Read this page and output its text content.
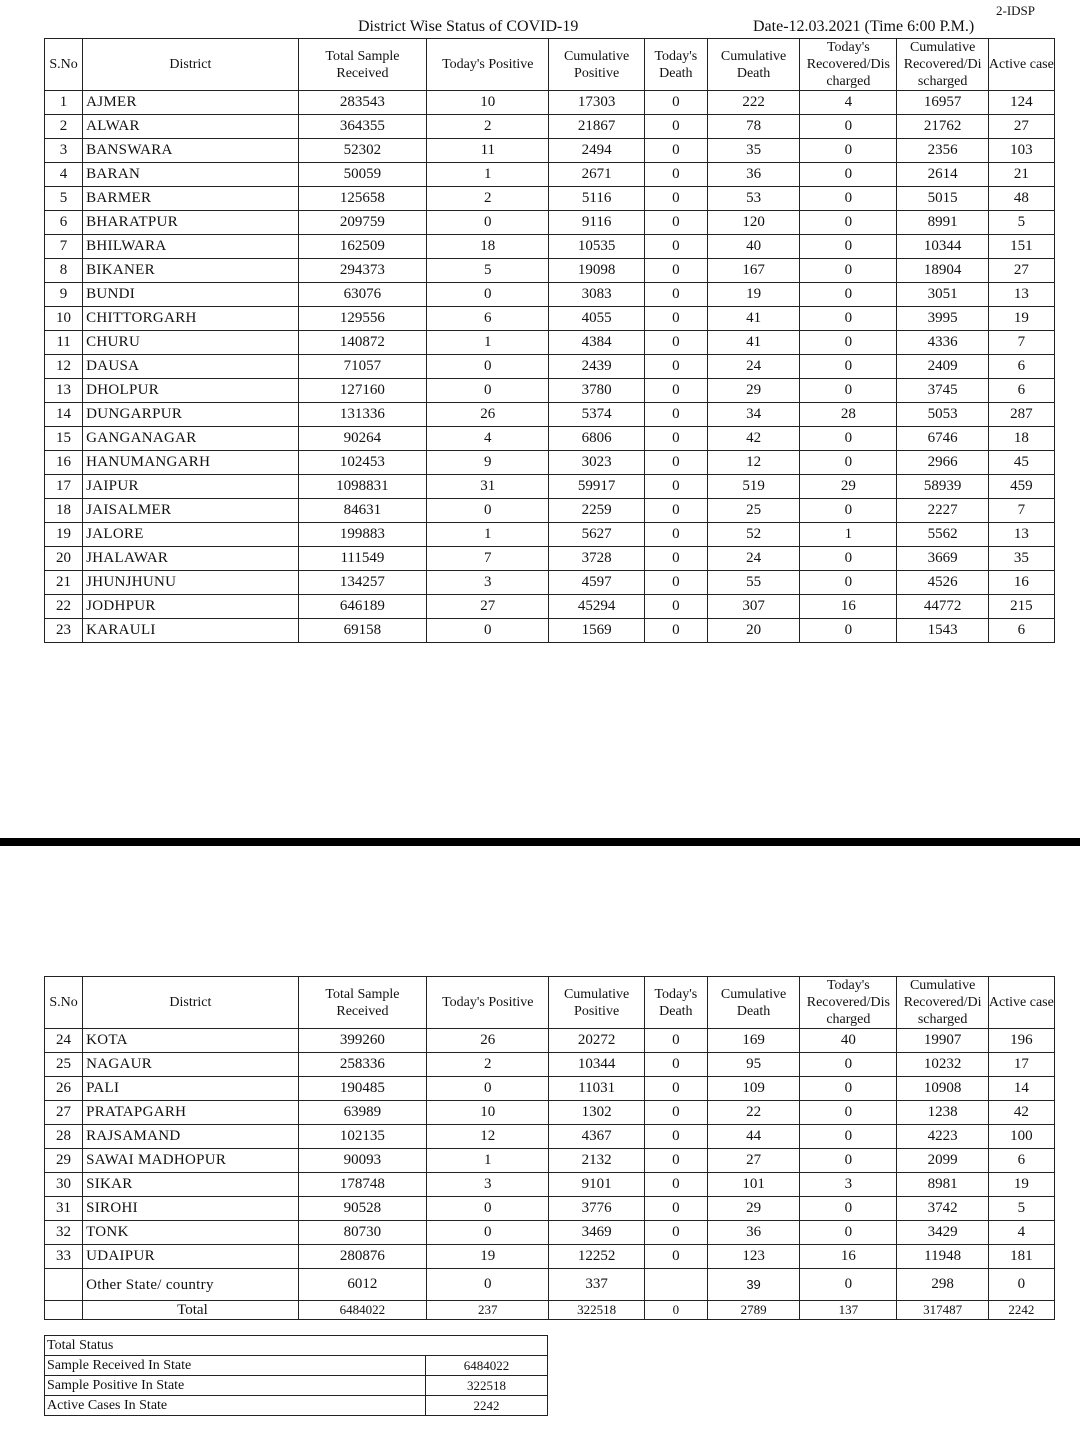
2-IDSP
District Wise Status of COVID-19	Date-12.03.2021 (Time 6:00 P.M.)
S.No	District	Total Sample Received	Today's Positive	Cumulative Positive	Today's Death	Cumulative Death	Today's Recovered/Dis charged	Cumulative Recovered/Di scharged	Active case
1	AJMER	283543	10	17303	0	222	4	16957	124
2	ALWAR	364355	2	21867	0	78	0	21762	27
3	BANSWARA	52302	11	2494	0	35	0	2356	103
4	BARAN	50059	1	2671	0	36	0	2614	21
5	BARMER	125658	2	5116	0	53	0	5015	48
6	BHARATPUR	209759	0	9116	0	120	0	8991	5
7	BHILWARA	162509	18	10535	0	40	0	10344	151
8	BIKANER	294373	5	19098	0	167	0	18904	27
9	BUNDI	63076	0	3083	0	19	0	3051	13
10	CHITTORGARH	129556	6	4055	0	41	0	3995	19
11	CHURU	140872	1	4384	0	41	0	4336	7
12	DAUSA	71057	0	2439	0	24	0	2409	6
13	DHOLPUR	127160	0	3780	0	29	0	3745	6
14	DUNGARPUR	131336	26	5374	0	34	28	5053	287
15	GANGANAGAR	90264	4	6806	0	42	0	6746	18
16	HANUMANGARH	102453	9	3023	0	12	0	2966	45
17	JAIPUR	1098831	31	59917	0	519	29	58939	459
18	JAISALMER	84631	0	2259	0	25	0	2227	7
19	JALORE	199883	1	5627	0	52	1	5562	13
20	JHALAWAR	111549	7	3728	0	24	0	3669	35
21	JHUNJHUNU	134257	3	4597	0	55	0	4526	16
22	JODHPUR	646189	27	45294	0	307	16	44772	215
23	KARAULI	69158	0	1569	0	20	0	1543	6
S.No	District	Total Sample Received	Today's Positive	Cumulative Positive	Today's Death	Cumulative Death	Today's Recovered/Dis charged	Cumulative Recovered/Di scharged	Active case
24	KOTA	399260	26	20272	0	169	40	19907	196
25	NAGAUR	258336	2	10344	0	95	0	10232	17
26	PALI	190485	0	11031	0	109	0	10908	14
27	PRATAPGARH	63989	10	1302	0	22	0	1238	42
28	RAJSAMAND	102135	12	4367	0	44	0	4223	100
29	SAWAI MADHOPUR	90093	1	2132	0	27	0	2099	6
30	SIKAR	178748	3	9101	0	101	3	8981	19
31	SIROHI	90528	0	3776	0	29	0	3742	5
32	TONK	80730	0	3469	0	36	0	3429	4
33	UDAIPUR	280876	19	12252	0	123	16	11948	181
	Other State/ country	6012	0	337		39	0	298	0
	Total	6484022	237	322518	0	2789	137	317487	2242
Total Status	
Sample Received In State	6484022
Sample Positive In State	322518
Active Cases In State	2242
